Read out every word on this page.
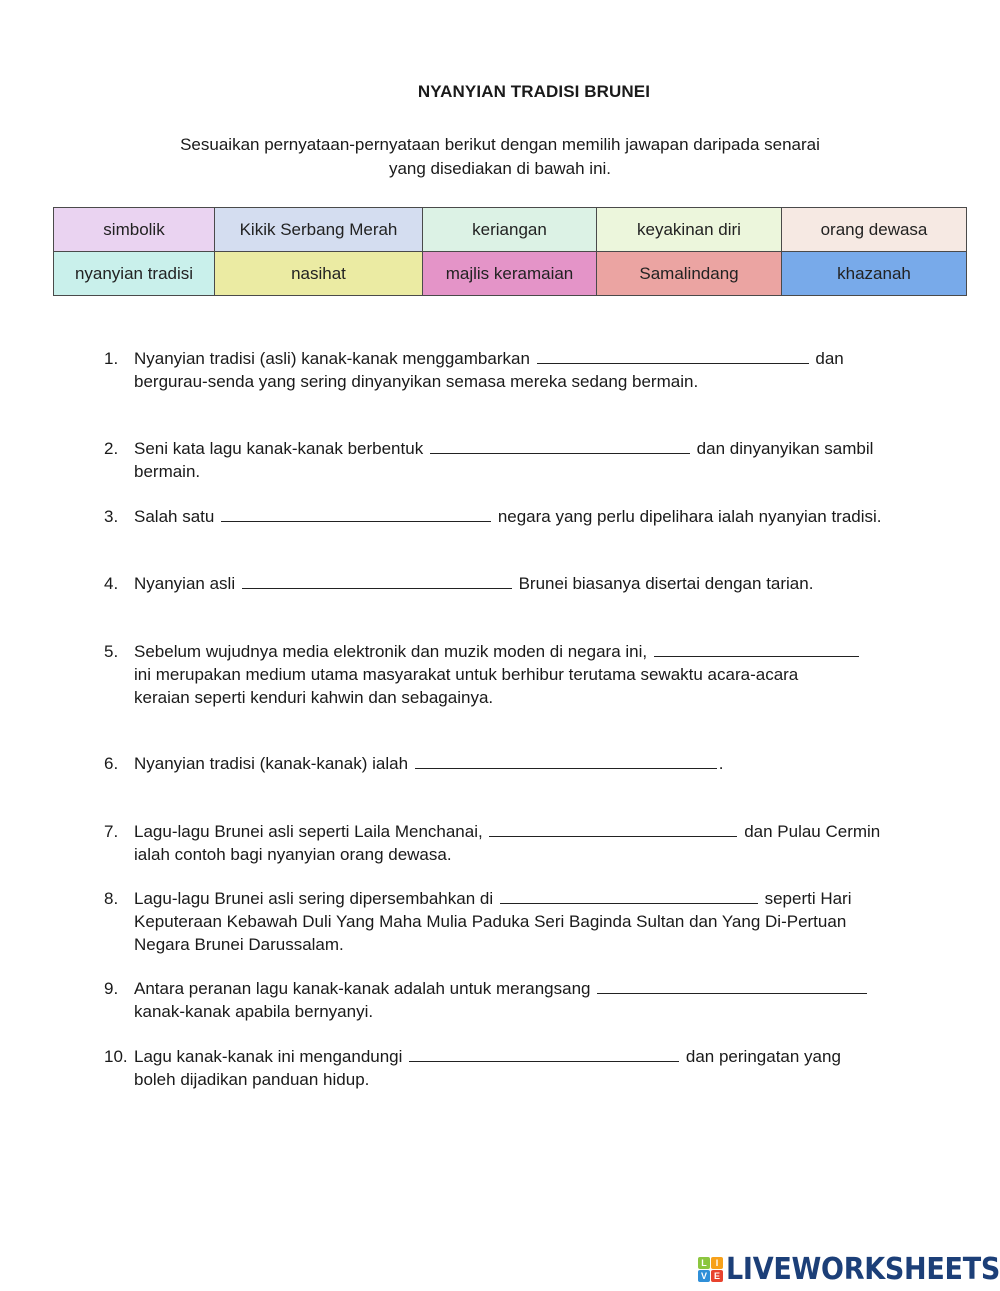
NYANYIAN TRADISI BRUNEI
Sesuaikan pernyataan-pernyataan berikut dengan memilih jawapan daripada senarai
yang disediakan di bawah ini.
simbolik	Kikik Serbang Merah	keriangan	keyakinan diri	orang dewasa
nyanyian tradisi	nasihat	majlis keramaian	Samalindang	khazanah
1. Nyanyian tradisi (asli) kanak-kanak menggambarkan	dan
bergurau-senda yang sering dinyanyikan semasa mereka sedang bermain.
2. Seni kata lagu kanak-kanak berbentuk	dan dinyanyikan sambil
bermain.
3. Salah satu	negara yang perlu dipelihara ialah nyanyian tradisi.
4. Nyanyian asli	Brunei biasanya disertai dengan tarian.
5. Sebelum wujudnya media elektronik dan muzik moden di negara ini,
ini merupakan medium utama masyarakat untuk berhibur terutama sewaktu acara-acara
keraian seperti kenduri kahwin dan sebagainya.
6. Nyanyian tradisi (kanak-kanak) ialah	.
7. Lagu-lagu Brunei asli seperti Laila Menchanai,	dan Pulau Cermin
ialah contoh bagi nyanyian orang dewasa.
8. Lagu-lagu Brunei asli sering dipersembahkan di	seperti Hari
Keputeraan Kebawah Duli Yang Maha Mulia Paduka Seri Baginda Sultan dan Yang Di-Pertuan
Negara Brunei Darussalam.
9. Antara peranan lagu kanak-kanak adalah untuk merangsang
kanak-kanak apabila bernyanyi.
10. Lagu kanak-kanak ini mengandungi	dan peringatan yang
boleh dijadikan panduan hidup.
L I
V E LIVEWORKSHEETS
